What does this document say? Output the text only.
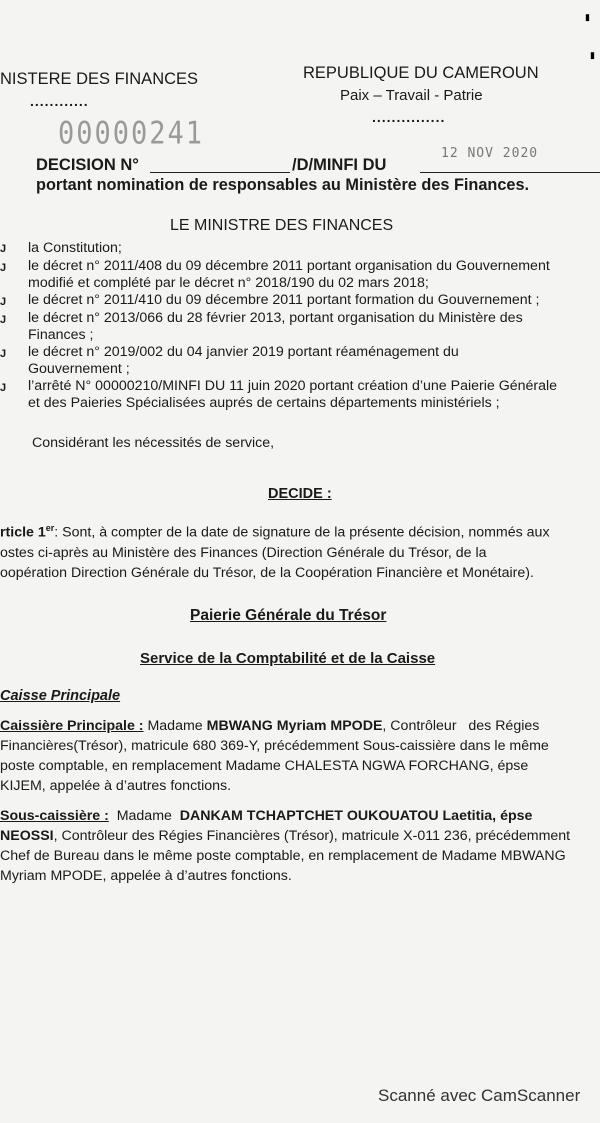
▮
▮
NISTERE DES FINANCES
............
REPUBLIQUE DU CAMEROUN
Paix – Travail - Patrie
...............
00000241
DECISION N°	/D/MINFI DU
12 NOV 2020
portant nomination de responsables au Ministère des Finances.
LE MINISTRE DES FINANCES
J la Constitution;
J le décret n° 2011/408 du 09 décembre 2011 portant organisation du Gouvernement
modifié et complété par le décret n° 2018/190 du 02 mars 2018;
J le décret n° 2011/410 du 09 décembre 2011 portant formation du Gouvernement ;
J le décret n° 2013/066 du 28 février 2013, portant organisation du Ministère des
Finances ;
J le décret n° 2019/002 du 04 janvier 2019 portant réaménagement du
Gouvernement ;
J l’arrêté N° 00000210/MINFI DU 11 juin 2020 portant création d’une Paierie Générale
et des Paieries Spécialisées auprés de certains départements ministériels ;
Considérant les nécessités de service,
DECIDE :
rticle 1er: Sont, à compter de la date de signature de la présente décision, nommés aux
ostes ci-après au Ministère des Finances (Direction Générale du Trésor, de la
oopération Direction Générale du Trésor, de la Coopération Financière et Monétaire).
Paierie Générale du Trésor
Service de la Comptabilité et de la Caisse
Caisse Principale
Caissière Principale : Madame MBWANG Myriam MPODE, Contrôleur   des Régies
Financières(Trésor), matricule 680 369-Y, précédemment Sous-caissière dans le même
poste comptable, en remplacement Madame CHALESTA NGWA FORCHANG, épse
KIJEM, appelée à d’autres fonctions.
Sous-caissière :  Madame  DANKAM TCHAPTCHET OUKOUATOU Laetitia, épse
NEOSSI, Contrôleur des Régies Financières (Trésor), matricule X-011 236, précédemment
Chef de Bureau dans le même poste comptable, en remplacement de Madame MBWANG
Myriam MPODE, appelée à d’autres fonctions.
Scanné avec CamScanner
